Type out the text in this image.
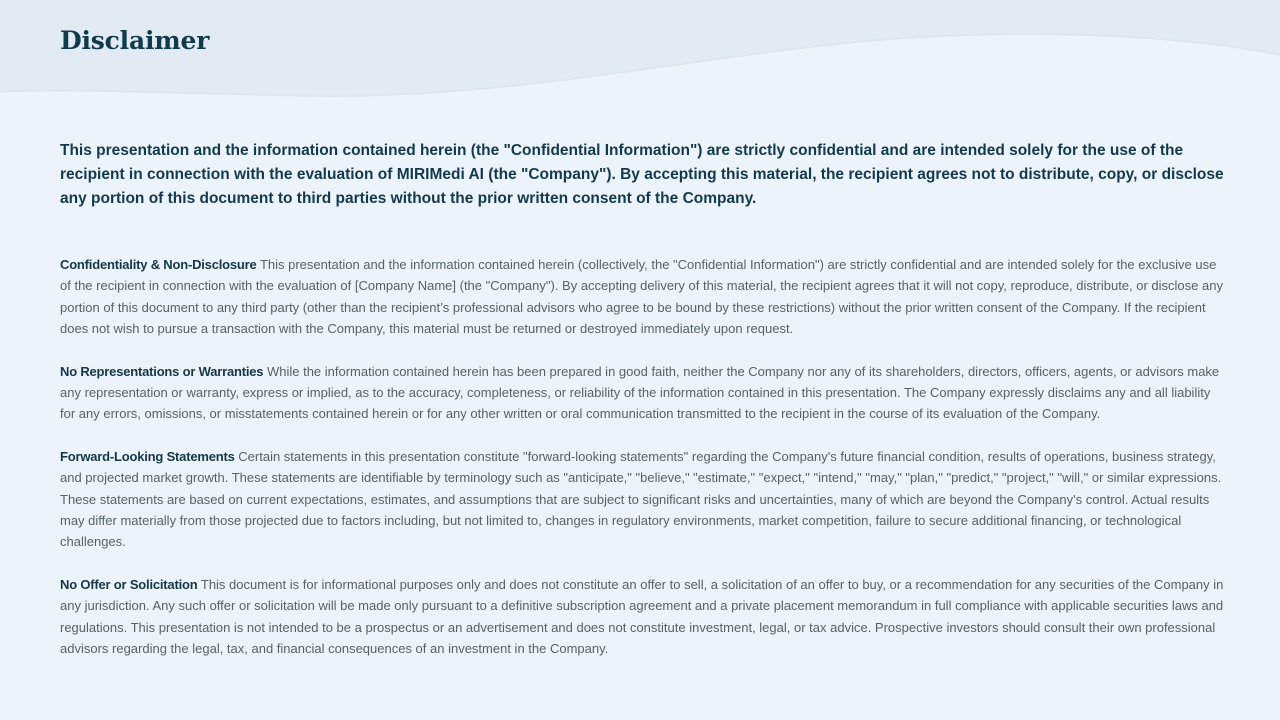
Disclaimer

This presentation and the information contained herein (the "Confidential Information") are strictly confidential and are intended solely for the use of the recipient in connection with the evaluation of MIRIMedi AI (the "Company"). By accepting this material, the recipient agrees not to distribute, copy, or disclose any portion of this document to third parties without the prior written consent of the Company.

Confidentiality & Non-Disclosure This presentation and the information contained herein (collectively, the "Confidential Information") are strictly confidential and are intended solely for the exclusive use of the recipient in connection with the evaluation of [Company Name] (the "Company"). By accepting delivery of this material, the recipient agrees that it will not copy, reproduce, distribute, or disclose any portion of this document to any third party (other than the recipient’s professional advisors who agree to be bound by these restrictions) without the prior written consent of the Company. If the recipient does not wish to pursue a transaction with the Company, this material must be returned or destroyed immediately upon request.

No Representations or Warranties While the information contained herein has been prepared in good faith, neither the Company nor any of its shareholders, directors, officers, agents, or advisors make any representation or warranty, express or implied, as to the accuracy, completeness, or reliability of the information contained in this presentation. The Company expressly disclaims any and all liability for any errors, omissions, or misstatements contained herein or for any other written or oral communication transmitted to the recipient in the course of its evaluation of the Company.

Forward-Looking Statements Certain statements in this presentation constitute "forward-looking statements" regarding the Company's future financial condition, results of operations, business strategy, and projected market growth. These statements are identifiable by terminology such as "anticipate," "believe," "estimate," "expect," "intend," "may," "plan," "predict," "project," "will," or similar expressions. These statements are based on current expectations, estimates, and assumptions that are subject to significant risks and uncertainties, many of which are beyond the Company's control. Actual results may differ materially from those projected due to factors including, but not limited to, changes in regulatory environments, market competition, failure to secure additional financing, or technological challenges.

No Offer or Solicitation This document is for informational purposes only and does not constitute an offer to sell, a solicitation of an offer to buy, or a recommendation for any securities of the Company in any jurisdiction. Any such offer or solicitation will be made only pursuant to a definitive subscription agreement and a private placement memorandum in full compliance with applicable securities laws and regulations. This presentation is not intended to be a prospectus or an advertisement and does not constitute investment, legal, or tax advice. Prospective investors should consult their own professional advisors regarding the legal, tax, and financial consequences of an investment in the Company.
